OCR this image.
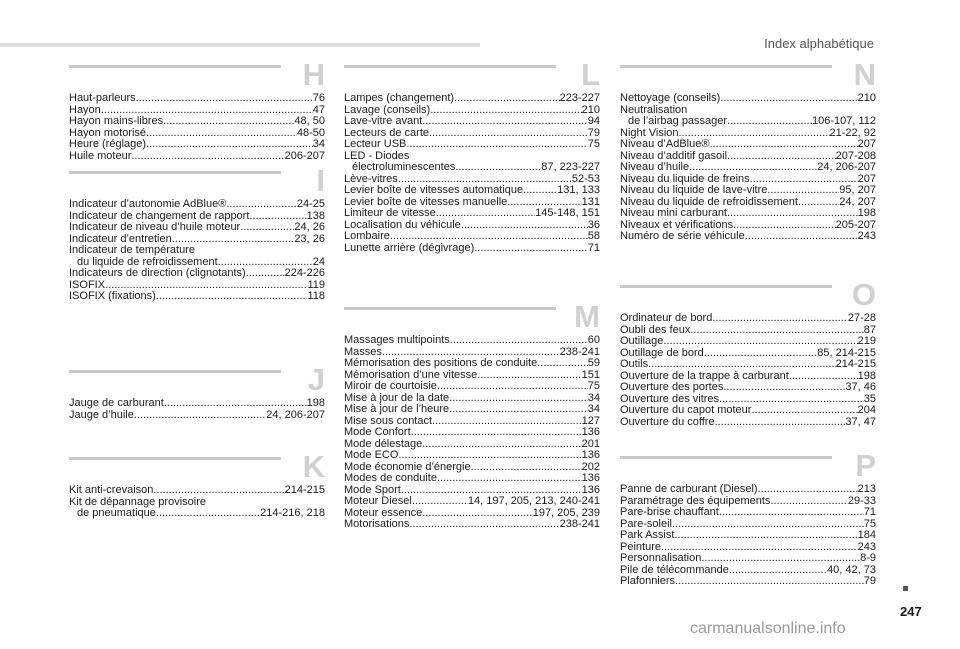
Index alphabétique
H
Haut-parleurs .....	76
Hayon .....	47
Hayon mains-libres .....	48, 50
Hayon motorisé .....	48-50
Heure (réglage) .....	34
Huile moteur .....	206-207
I
Indicateur d’autonomie AdBlue® .....	24-25
Indicateur de changement de rapport .....	138
Indicateur de niveau d’huile moteur .....	24, 26
Indicateur d’entretien .....	23, 26
Indicateur de température
du liquide de refroidissement .....	24
Indicateurs de direction (clignotants) .....	224-226
ISOFIX .....	119
ISOFIX (fixations) .....	118
J
Jauge de carburant .....	198
Jauge d’huile .....	24, 206-207
K
Kit anti-crevaison .....	214-215
Kit de dépannage provisoire
de pneumatique .....	214-216, 218
L
Lampes (changement) .....	223-227
Lavage (conseils) .....	210
Lave-vitre avant .....	94
Lecteurs de carte .....	79
Lecteur USB .....	75
LED - Diodes
électroluminescentes .....	87, 223-227
Lève-vitres .....	52-53
Levier boîte de vitesses automatique .....	131, 133
Levier boîte de vitesses manuelle .....	131
Limiteur de vitesse .....	145-148, 151
Localisation du véhicule .....	36
Lombaire .....	58
Lunette arrière (dégivrage) .....	71
M
Massages multipoints .....	60
Masses .....	238-241
Mémorisation des positions de conduite .....	59
Mémorisation d’une vitesse .....	151
Miroir de courtoisie .....	75
Mise à jour de la date .....	34
Mise à jour de l’heure .....	34
Mise sous contact .....	127
Mode Confort .....	136
Mode délestage .....	201
Mode ECO .....	136
Mode économie d’énergie .....	202
Modes de conduite .....	136
Mode Sport .....	136
Moteur Diesel .....	14, 197, 205, 213, 240-241
Moteur essence .....	197, 205, 239
Motorisations .....	238-241
N
Nettoyage (conseils) .....	210
Neutralisation
de l’airbag passager .....	106-107, 112
Night Vision .....	21-22, 92
Niveau d’AdBlue® .....	207
Niveau d’additif gasoil .....	207-208
Niveau d’huile .....	24, 206-207
Niveau du liquide de freins .....	207
Niveau du liquide de lave-vitre .....	95, 207
Niveau du liquide de refroidissement .....	24, 207
Niveau mini carburant .....	198
Niveaux et vérifications .....	205-207
Numéro de série véhicule .....	243
O
Ordinateur de bord .....	27-28
Oubli des feux .....	87
Outillage .....	219
Outillage de bord .....	85, 214-215
Outils .....	214-215
Ouverture de la trappe à carburant .....	198
Ouverture des portes .....	37, 46
Ouverture des vitres .....	35
Ouverture du capot moteur .....	204
Ouverture du coffre .....	37, 47
P
Panne de carburant (Diesel) .....	213
Paramétrage des équipements .....	29-33
Pare-brise chauffant .....	71
Pare-soleil .....	75
Park Assist .....	184
Peinture .....	243
Personnalisation .....	8-9
Pile de télécommande .....	40, 42, 73
Plafonniers .....	79
247
carmanualsonline.info
